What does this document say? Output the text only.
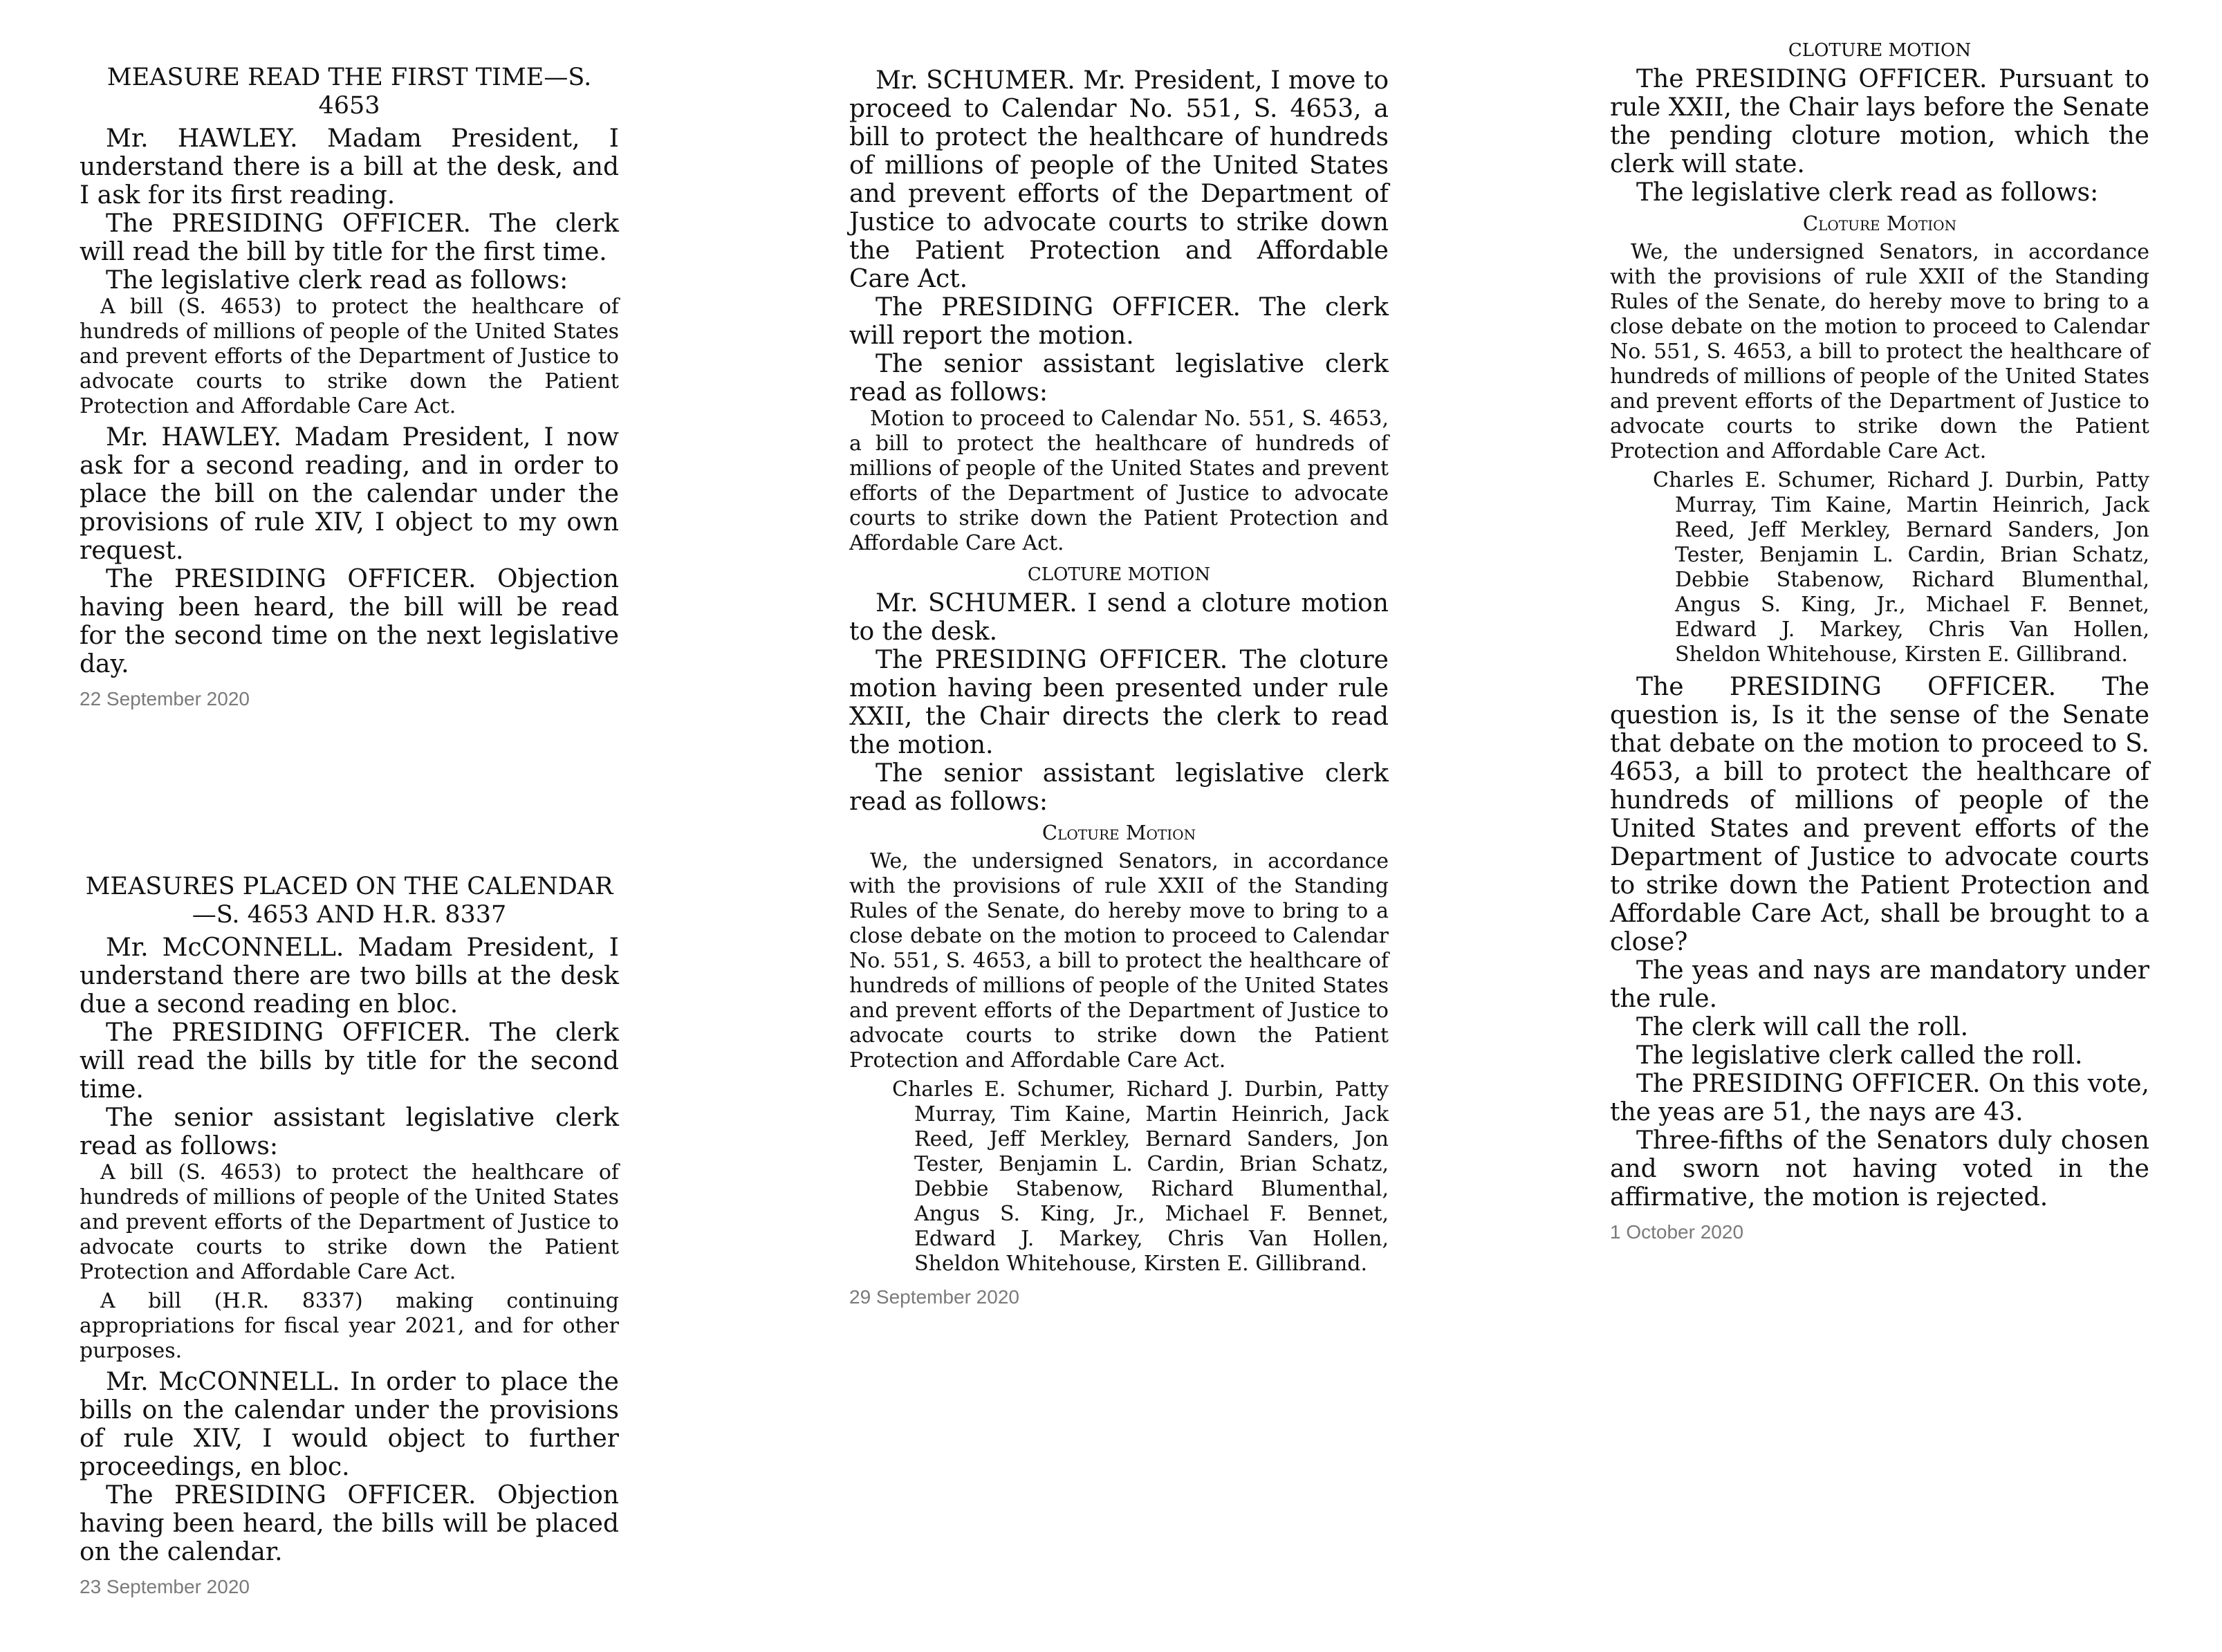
MEASURE READ THE FIRST TIME—S. 4653

Mr. HAWLEY. Madam President, I understand there is a bill at the desk, and I ask for its first reading.

The PRESIDING OFFICER. The clerk will read the bill by title for the first time.

The legislative clerk read as follows:

A bill (S. 4653) to protect the healthcare of hundreds of millions of people of the United States and prevent efforts of the Department of Justice to advocate courts to strike down the Patient Protection and Affordable Care Act.

Mr. HAWLEY. Madam President, I now ask for a second reading, and in order to place the bill on the calendar under the provisions of rule XIV, I object to my own request.

The PRESIDING OFFICER. Objection having been heard, the bill will be read for the second time on the next legislative day.

22 September 2020
MEASURES PLACED ON THE CALENDAR—S. 4653 AND H.R. 8337

Mr. McCONNELL. Madam President, I understand there are two bills at the desk due a second reading en bloc.

The PRESIDING OFFICER. The clerk will read the bills by title for the second time.

The senior assistant legislative clerk read as follows:

A bill (S. 4653) to protect the healthcare of hundreds of millions of people of the United States and prevent efforts of the Department of Justice to advocate courts to strike down the Patient Protection and Affordable Care Act.

A bill (H.R. 8337) making continuing appropriations for fiscal year 2021, and for other purposes.

Mr. McCONNELL. In order to place the bills on the calendar under the provisions of rule XIV, I would object to further proceedings, en bloc.

The PRESIDING OFFICER. Objection having been heard, the bills will be placed on the calendar.

23 September 2020

Mr. SCHUMER. Mr. President, I move to proceed to Calendar No. 551, S. 4653, a bill to protect the healthcare of hundreds of millions of people of the United States and prevent efforts of the Department of Justice to advocate courts to strike down the Patient Protection and Affordable Care Act.

The PRESIDING OFFICER. The clerk will report the motion.

The senior assistant legislative clerk read as follows:

Motion to proceed to Calendar No. 551, S. 4653, a bill to protect the healthcare of hundreds of millions of people of the United States and prevent efforts of the Department of Justice to advocate courts to strike down the Patient Protection and Affordable Care Act.

CLOTURE MOTION

Mr. SCHUMER. I send a cloture motion to the desk.

The PRESIDING OFFICER. The cloture motion having been presented under rule XXII, the Chair directs the clerk to read the motion.

The senior assistant legislative clerk read as follows:

Cloture Motion

We, the undersigned Senators, in accordance with the provisions of rule XXII of the Standing Rules of the Senate, do hereby move to bring to a close debate on the motion to proceed to Calendar No. 551, S. 4653, a bill to protect the healthcare of hundreds of millions of people of the United States and prevent efforts of the Department of Justice to advocate courts to strike down the Patient Protection and Affordable Care Act.

Charles E. Schumer, Richard J. Durbin, Patty Murray, Tim Kaine, Martin Heinrich, Jack Reed, Jeff Merkley, Bernard Sanders, Jon Tester, Benjamin L. Cardin, Brian Schatz, Debbie Stabenow, Richard Blumenthal, Angus S. King, Jr., Michael F. Bennet, Edward J. Markey, Chris Van Hollen, Sheldon Whitehouse, Kirsten E. Gillibrand.

29 September 2020
CLOTURE MOTION

The PRESIDING OFFICER. Pursuant to rule XXII, the Chair lays before the Senate the pending cloture motion, which the clerk will state.

The legislative clerk read as follows:

Cloture Motion

We, the undersigned Senators, in accordance with the provisions of rule XXII of the Standing Rules of the Senate, do hereby move to bring to a close debate on the motion to proceed to Calendar No. 551, S. 4653, a bill to protect the healthcare of hundreds of millions of people of the United States and prevent efforts of the Department of Justice to advocate courts to strike down the Patient Protection and Affordable Care Act.

Charles E. Schumer, Richard J. Durbin, Patty Murray, Tim Kaine, Martin Heinrich, Jack Reed, Jeff Merkley, Bernard Sanders, Jon Tester, Benjamin L. Cardin, Brian Schatz, Debbie Stabenow, Richard Blumenthal, Angus S. King, Jr., Michael F. Bennet, Edward J. Markey, Chris Van Hollen, Sheldon Whitehouse, Kirsten E. Gillibrand.

The PRESIDING OFFICER. The question is, Is it the sense of the Senate that debate on the motion to proceed to S. 4653, a bill to protect the healthcare of hundreds of millions of people of the United States and prevent efforts of the Department of Justice to advocate courts to strike down the Patient Protection and Affordable Care Act, shall be brought to a close?

The yeas and nays are mandatory under the rule.

The clerk will call the roll.

The legislative clerk called the roll.

The PRESIDING OFFICER. On this vote, the yeas are 51, the nays are 43.

Three-fifths of the Senators duly chosen and sworn not having voted in the affirmative, the motion is rejected.

1 October 2020
